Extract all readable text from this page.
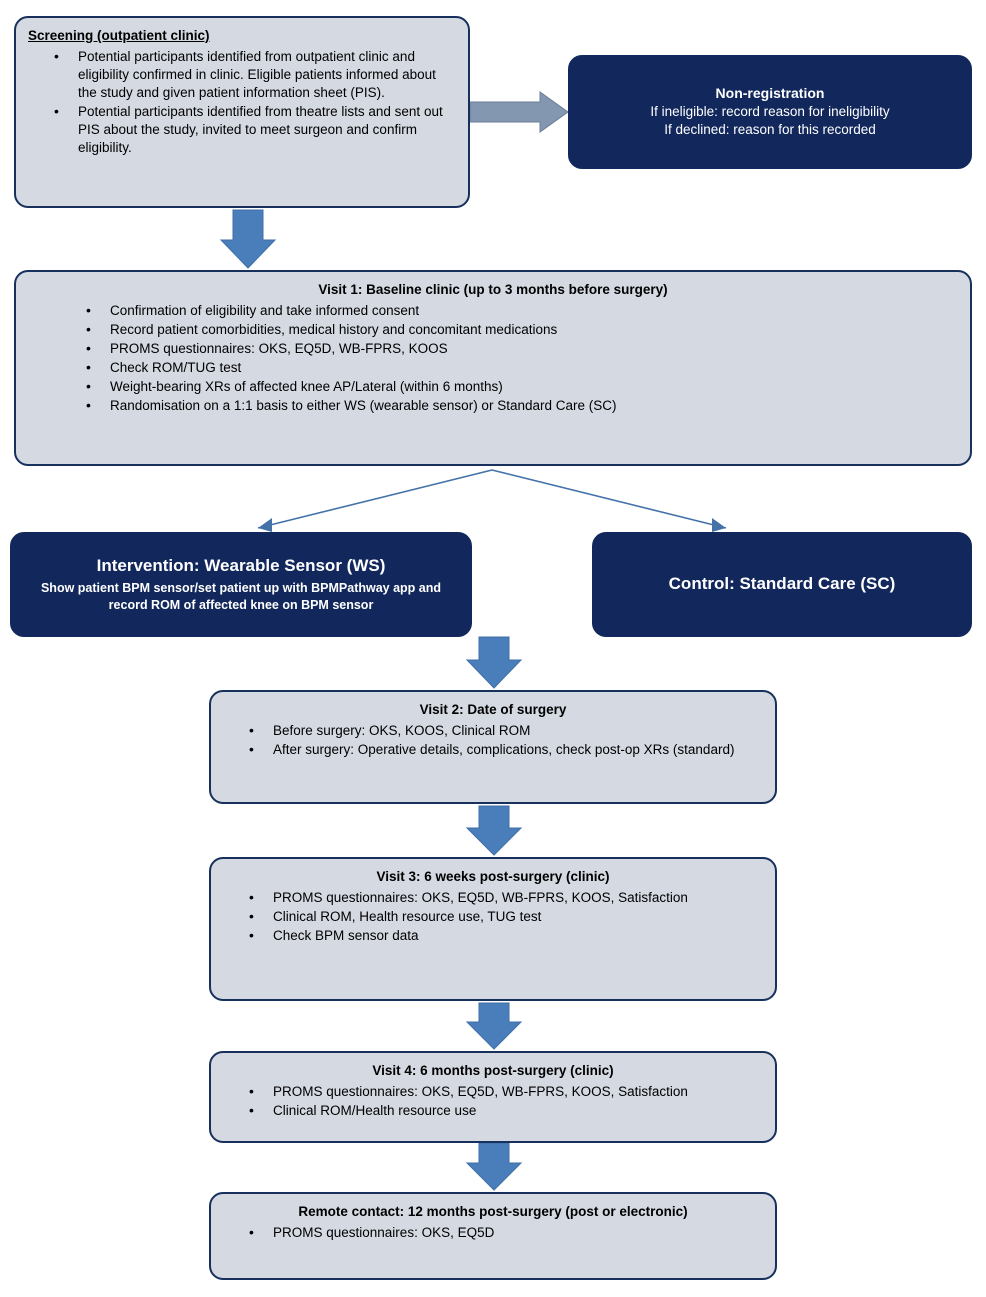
Screening (outpatient clinic)
• Potential participants identified from outpatient clinic and eligibility confirmed in clinic. Eligible patients informed about the study and given patient information sheet (PIS).
• Potential participants identified from theatre lists and sent out PIS about the study, invited to meet surgeon and confirm eligibility.
Non-registration
If ineligible: record reason for ineligibility
If declined: reason for this recorded
Visit 1: Baseline clinic (up to 3 months before surgery)
• Confirmation of eligibility and take informed consent
• Record patient comorbidities, medical history and concomitant medications
• PROMS questionnaires: OKS, EQ5D, WB-FPRS, KOOS
• Check ROM/TUG test
• Weight-bearing XRs of affected knee AP/Lateral (within 6 months)
• Randomisation on a 1:1 basis to either WS (wearable sensor) or Standard Care (SC)
Intervention: Wearable Sensor (WS)
Show patient BPM sensor/set patient up with BPMPathway app and record ROM of affected knee on BPM sensor
Control: Standard Care (SC)
Visit 2: Date of surgery
• Before surgery: OKS, KOOS, Clinical ROM
• After surgery: Operative details, complications, check post-op XRs (standard)
Visit 3: 6 weeks post-surgery (clinic)
• PROMS questionnaires: OKS, EQ5D, WB-FPRS, KOOS, Satisfaction
• Clinical ROM, Health resource use, TUG test
• Check BPM sensor data
Visit 4: 6 months post-surgery (clinic)
• PROMS questionnaires: OKS, EQ5D, WB-FPRS, KOOS, Satisfaction
• Clinical ROM/Health resource use
Remote contact: 12 months post-surgery (post or electronic)
• PROMS questionnaires: OKS, EQ5D
